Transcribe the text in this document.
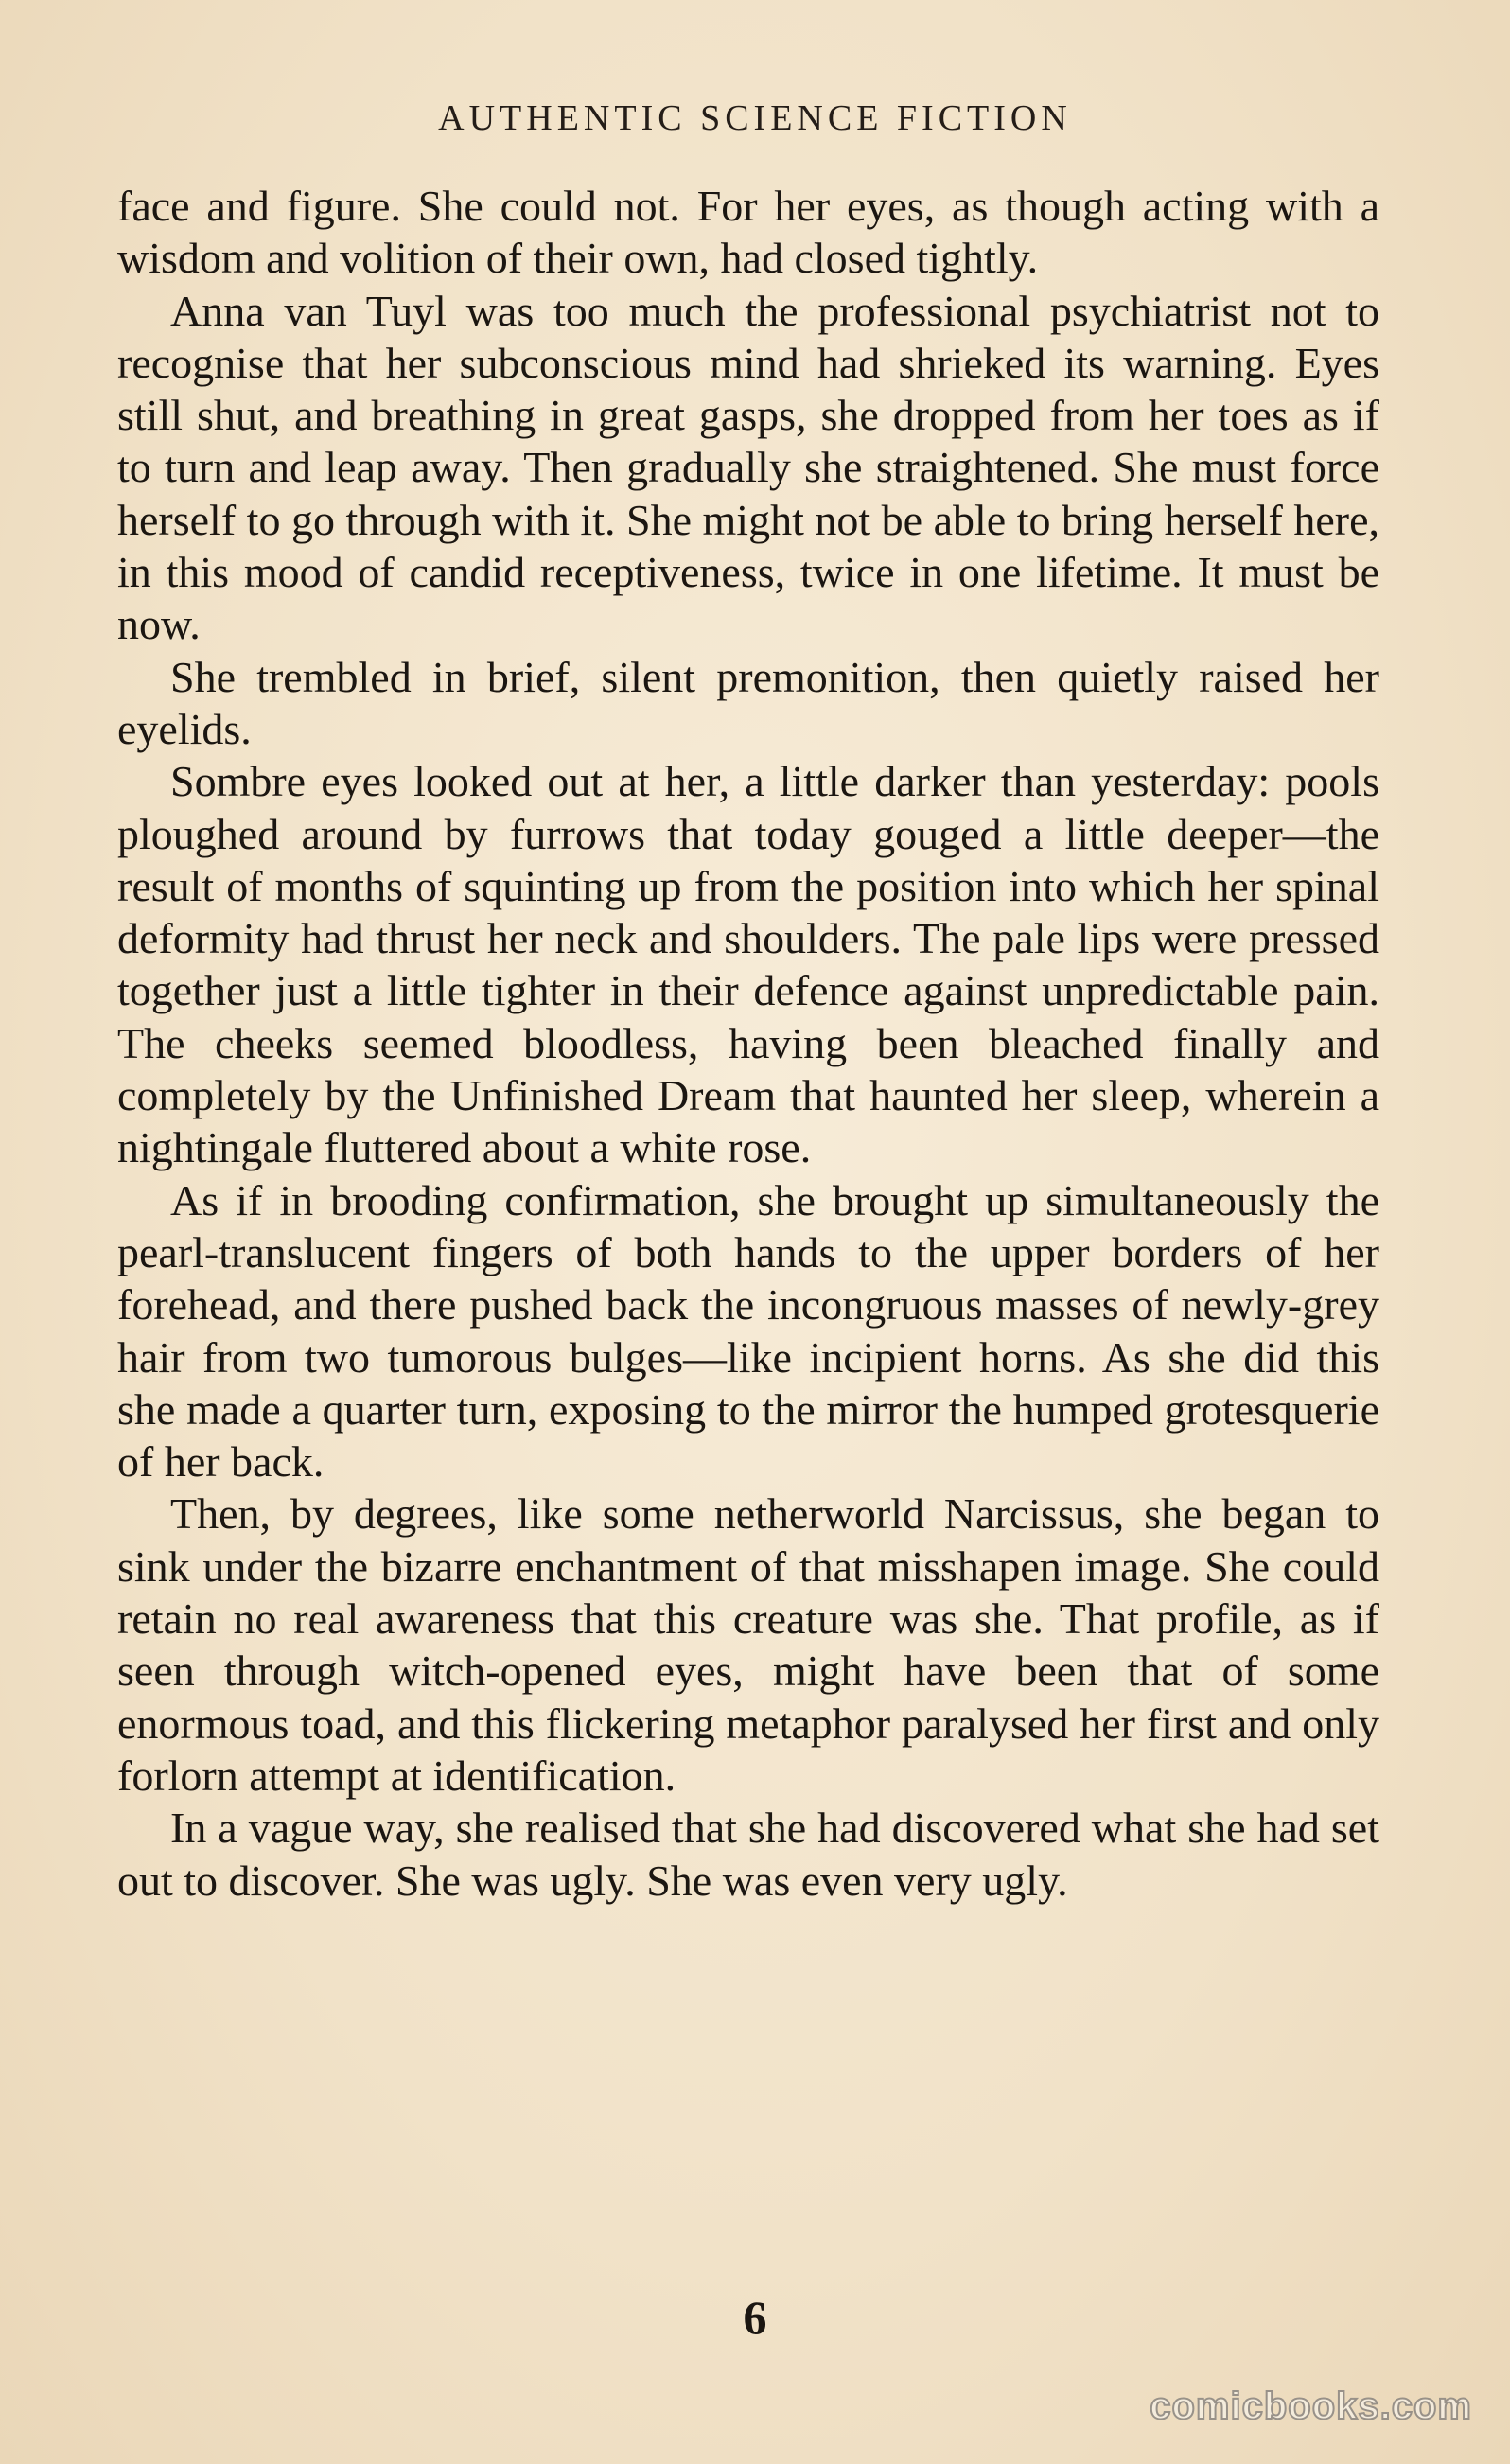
AUTHENTIC SCIENCE FICTION

face and figure. She could not. For her eyes, as though acting with a wisdom and volition of their own, had closed tightly.

Anna van Tuyl was too much the professional psychiatrist not to recognise that her subconscious mind had shrieked its warning. Eyes still shut, and breathing in great gasps, she dropped from her toes as if to turn and leap away. Then gradually she straightened. She must force herself to go through with it. She might not be able to bring herself here, in this mood of candid receptiveness, twice in one lifetime. It must be now.

She trembled in brief, silent premonition, then quietly raised her eyelids.

Sombre eyes looked out at her, a little darker than yesterday: pools ploughed around by furrows that today gouged a little deeper—the result of months of squinting up from the position into which her spinal deformity had thrust her neck and shoulders. The pale lips were pressed together just a little tighter in their defence against unpredictable pain. The cheeks seemed bloodless, having been bleached finally and completely by the Unfinished Dream that haunted her sleep, wherein a nightingale fluttered about a white rose.

As if in brooding confirmation, she brought up simultaneously the pearl-translucent fingers of both hands to the upper borders of her forehead, and there pushed back the incongruous masses of newly-grey hair from two tumorous bulges—like incipient horns. As she did this she made a quarter turn, exposing to the mirror the humped grotesquerie of her back.

Then, by degrees, like some netherworld Narcissus, she began to sink under the bizarre enchantment of that misshapen image. She could retain no real awareness that this creature was she. That profile, as if seen through witch-opened eyes, might have been that of some enormous toad, and this flickering metaphor paralysed her first and only forlorn attempt at identification.

In a vague way, she realised that she had discovered what she had set out to discover. She was ugly. She was even very ugly.

6
comicbooks.com
